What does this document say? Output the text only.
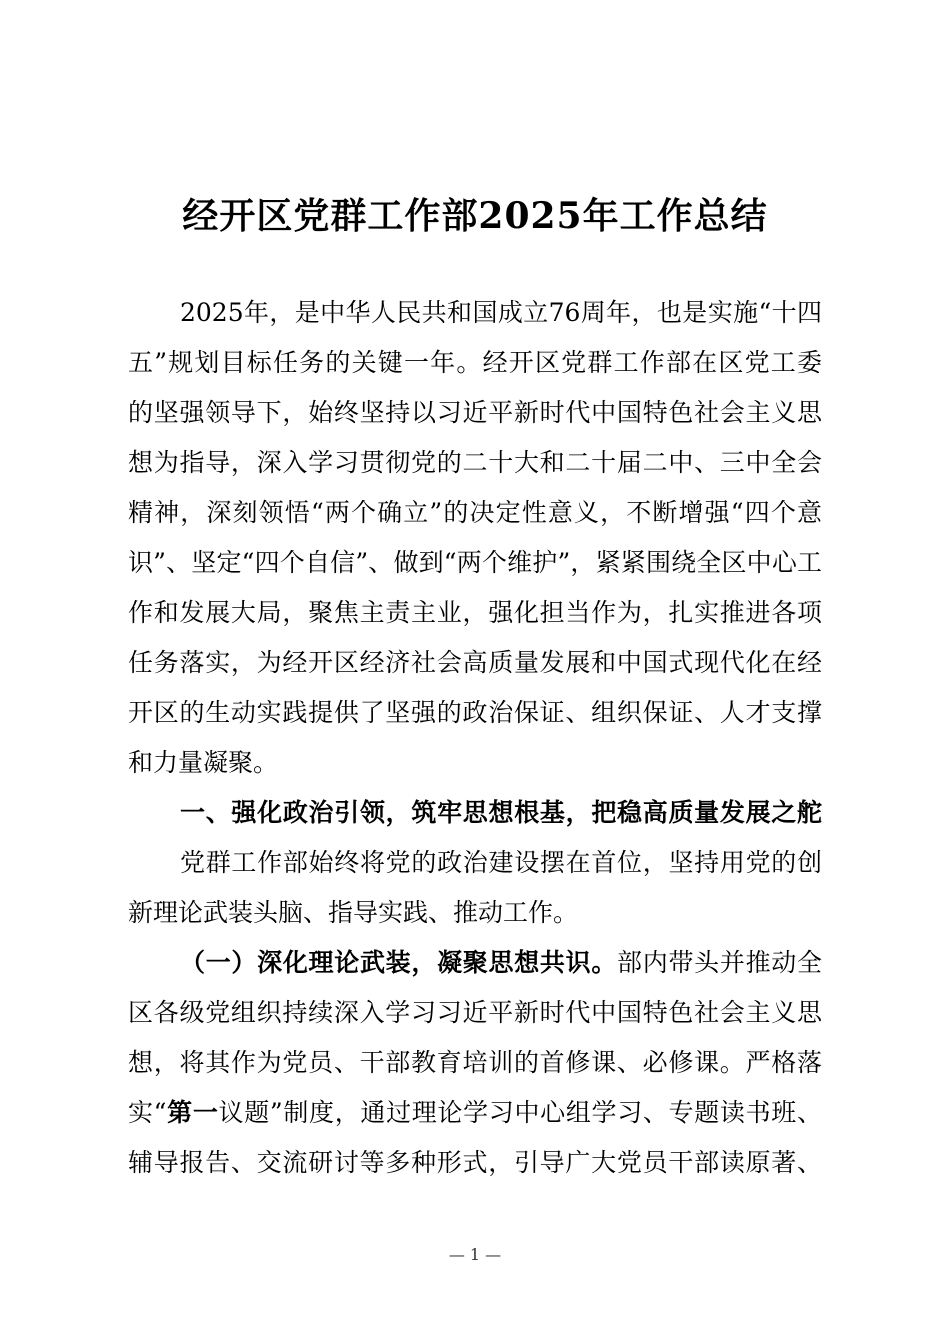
经开区党群工作部2025年工作总结
2025年，是中华人民共和国成立76周年，也是实施“十四
五”规划目标任务的关键一年。经开区党群工作部在区党工委
的坚强领导下，始终坚持以习近平新时代中国特色社会主义思
想为指导，深入学习贯彻党的二十大和二十届二中、三中全会
精神，深刻领悟“两个确立”的决定性意义，不断增强“四个意
识”、坚定“四个自信”、做到“两个维护”，紧紧围绕全区中心工
作和发展大局，聚焦主责主业，强化担当作为，扎实推进各项
任务落实，为经开区经济社会高质量发展和中国式现代化在经
开区的生动实践提供了坚强的政治保证、组织保证、人才支撑
和力量凝聚。
一、强化政治引领，筑牢思想根基，把稳高质量发展之舵
党群工作部始终将党的政治建设摆在首位，坚持用党的创
新理论武装头脑、指导实践、推动工作。
（一）深化理论武装，凝聚思想共识。部内带头并推动全
区各级党组织持续深入学习习近平新时代中国特色社会主义思
想，将其作为党员、干部教育培训的首修课、必修课。严格落
实“第一议题”制度，通过理论学习中心组学习、专题读书班、
辅导报告、交流研讨等多种形式，引导广大党员干部读原著、
— 1 —
